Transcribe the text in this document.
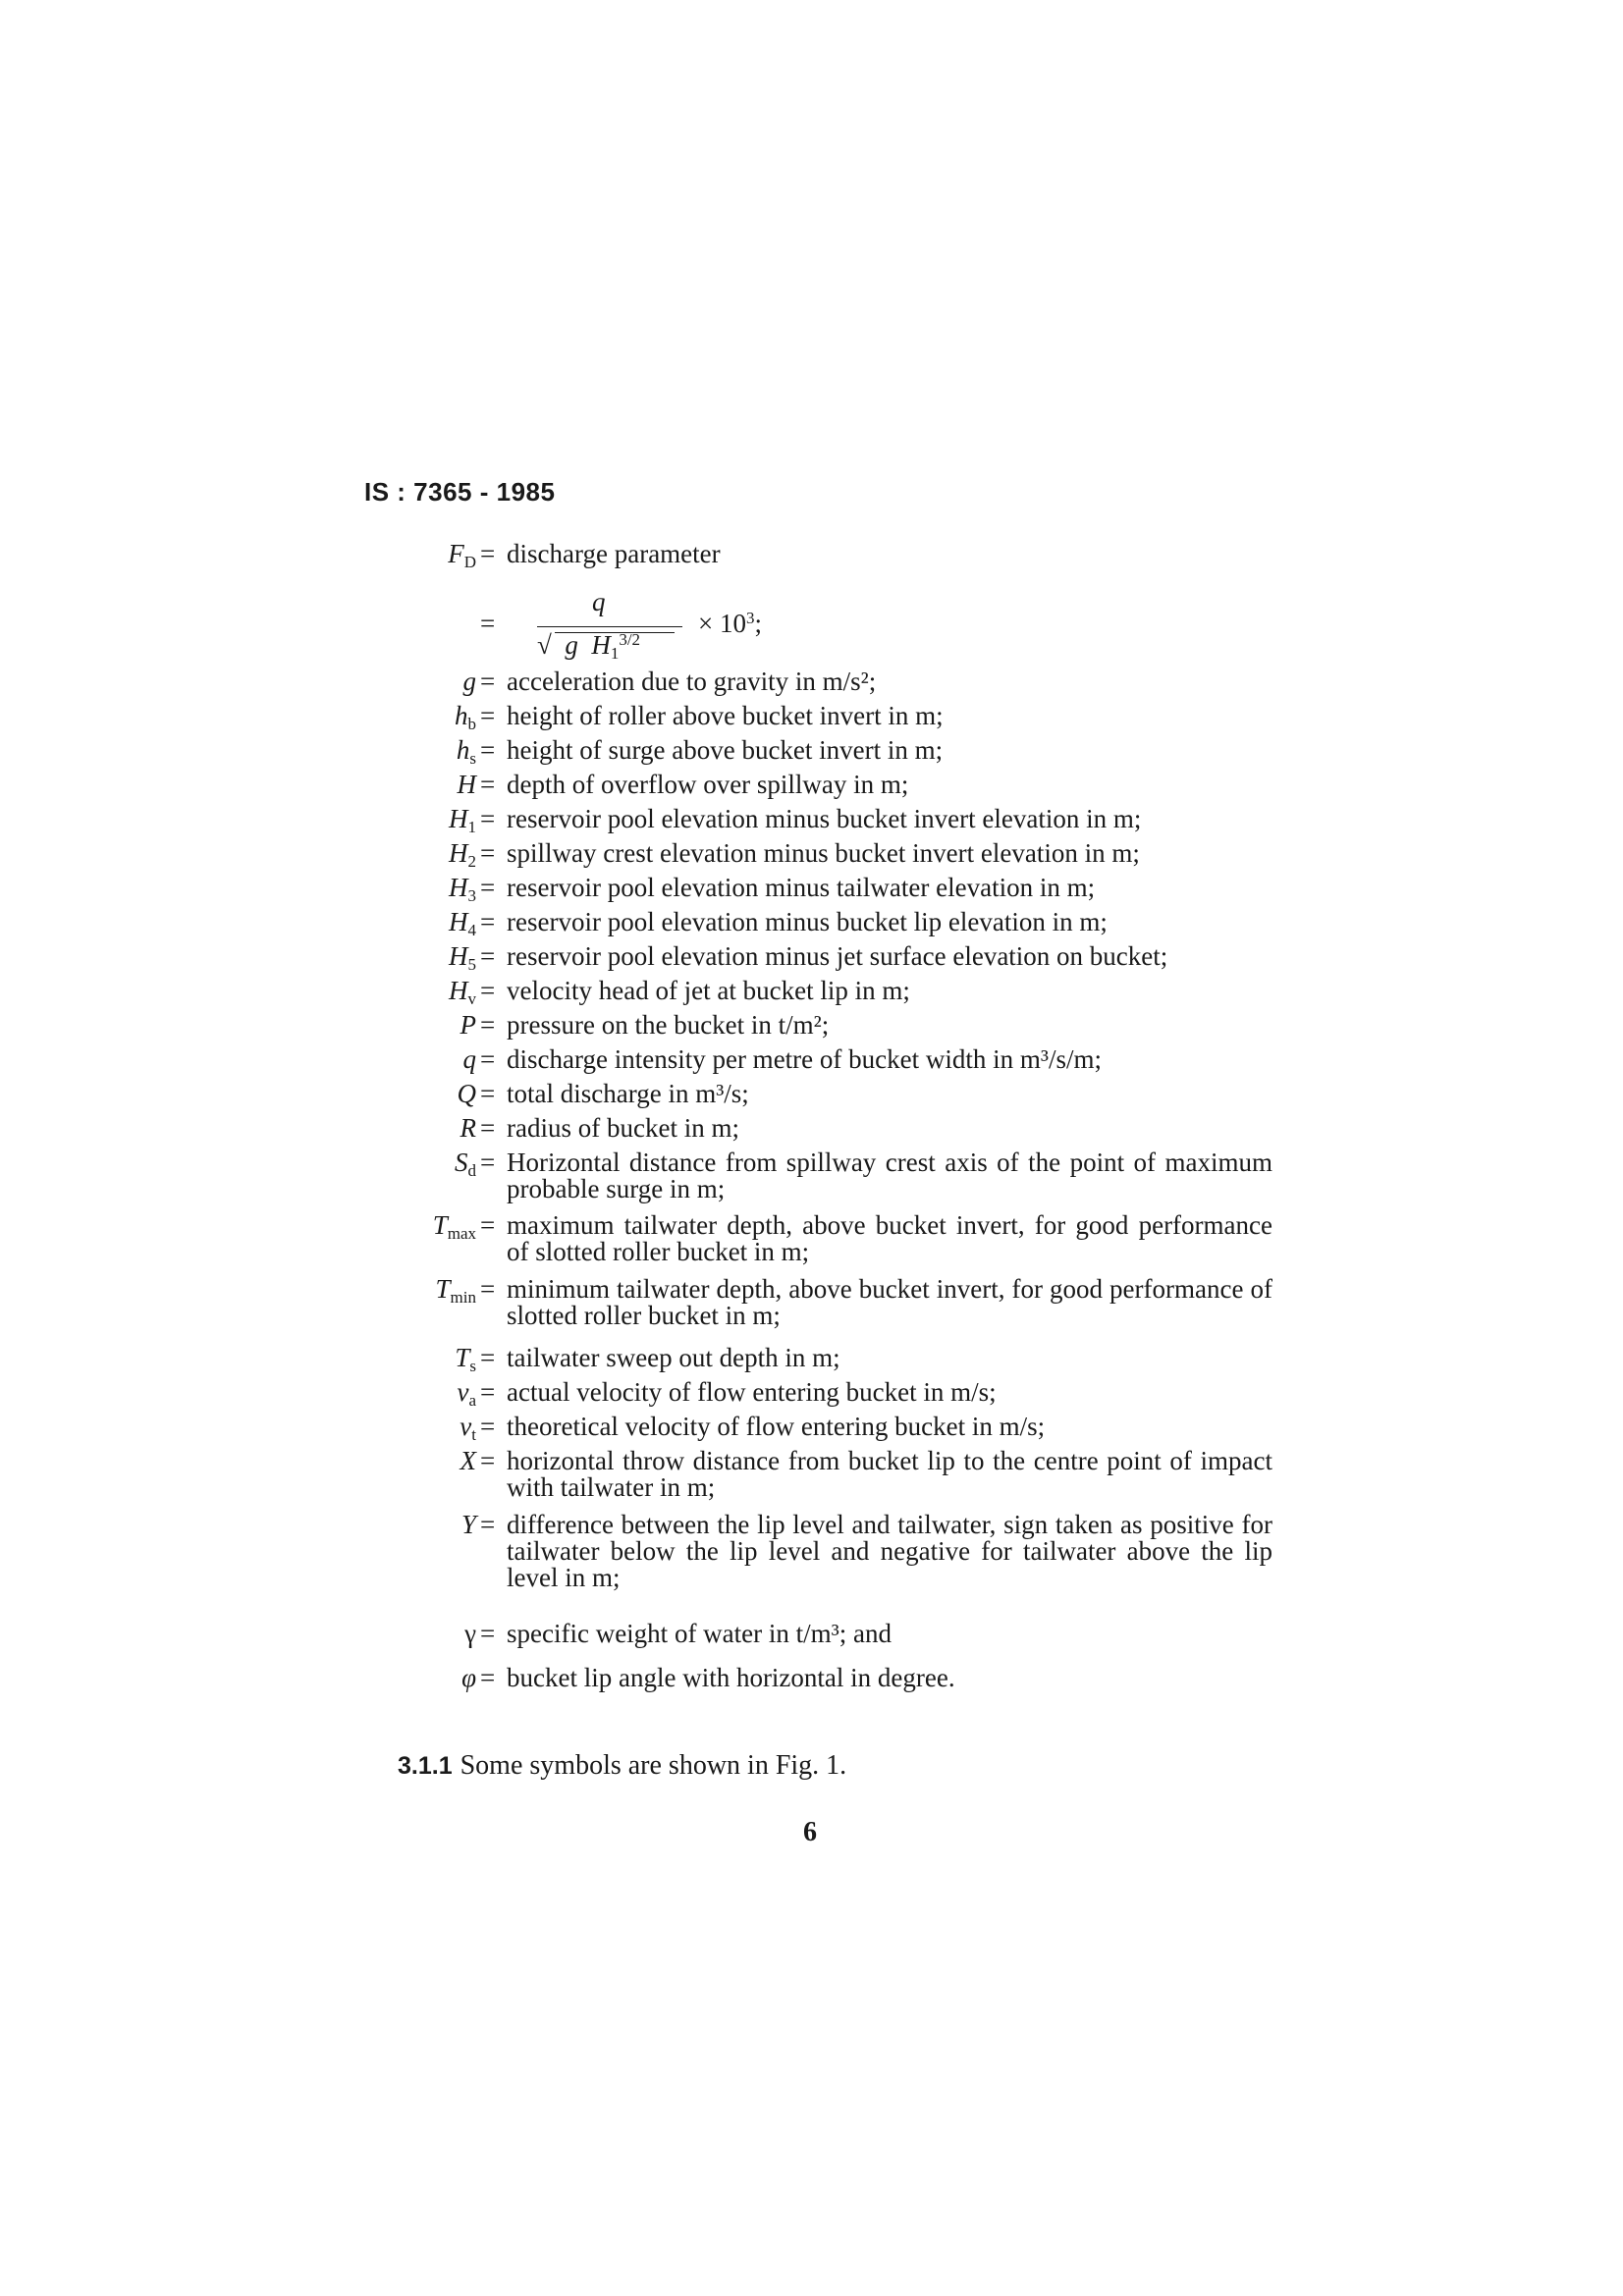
IS : 7365 - 1985
$F_D$ = discharge parameter
=
q
√
g  $H_1^{3/2}$
× $10^3$;
g = acceleration due to gravity in m/s²;
$h_b$ = height of roller above bucket invert in m;
$h_s$ = height of surge above bucket invert in m;
H = depth of overflow over spillway in m;
$H_1$ = reservoir pool elevation minus bucket invert elevation in m;
$H_2$ = spillway crest elevation minus bucket invert elevation in m;
$H_3$ = reservoir pool elevation minus tailwater elevation in m;
$H_4$ = reservoir pool elevation minus bucket lip elevation in m;
$H_5$ = reservoir pool elevation minus jet surface elevation on bucket;
$H_v$ = velocity head of jet at bucket lip in m;
P = pressure on the bucket in t/m²;
q = discharge intensity per metre of bucket width in m³/s/m;
Q = total discharge in m³/s;
R = radius of bucket in m;
$S_d$ = Horizontal distance from spillway crest axis of the point of maximum probable surge in m;
$T_{max}$ = maximum tailwater depth, above bucket invert, for good performance of slotted roller bucket in m;
$T_{min}$ = minimum tailwater depth, above bucket invert, for good performance of slotted roller bucket in m;
$T_s$ = tailwater sweep out depth in m;
$v_a$ = actual velocity of flow entering bucket in m/s;
$v_t$ = theoretical velocity of flow entering bucket in m/s;
X = horizontal throw distance from bucket lip to the centre point of impact with tailwater in m;
Y = difference between the lip level and tailwater, sign taken as positive for tailwater below the lip level and negative for tailwater above the lip level in m;
γ = specific weight of water in t/m³; and
φ = bucket lip angle with horizontal in degree.
3.1.1 Some symbols are shown in Fig. 1.
6
